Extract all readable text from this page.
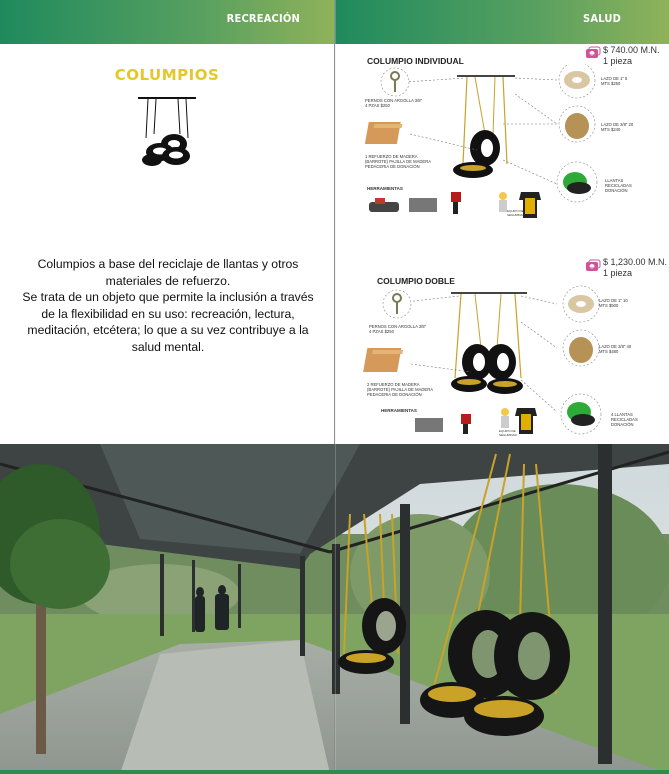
RECREACIÓN
COLUMPIOS

Columpios a base del reciclaje de llantas y otros materiales de refuerzo.

Se trata de un objeto que permite la inclusión a través de la flexibilidad en su uso: recreación, lectura, meditación, etcétera; lo que a su vez contribuye a la salud mental.

SALUD
COLUMPIO INDIVIDUAL
$ 740.00 M.N.
1 pieza
PERNOS CON ARGOLLA 3/8" 4 PZAS $250
1 REFUERZO DE MADERA (BARROTE) PAJILLA DE MADERA PEDACERIA DE DONACIÓN
HERRAMIENTAS
EQUIPO DE SEGURIDAD
LAZO DE 1" 5 MTS $250
LAZO DE 3/8" 20 MTS $240
LLANTAS RECICLADAS DONACIÓN
COLUMPIO DOBLE
$ 1,230.00 M.N.
1 pieza
PERNOS CON ARGOLLA 3/8" 4 PZAS $250
2 REFUERZO DE MADERA (BARROTE) PAJILLA DE MADERA PEDACERIA DE DONACIÓN
HERRAMIENTAS
EQUIPO DE SEGURIDAD
LAZO DE 1" 10 MTS $500
LAZO DE 3/8" 40 MTS $480
4 LLANTAS RECICLADAS DONACIÓN
